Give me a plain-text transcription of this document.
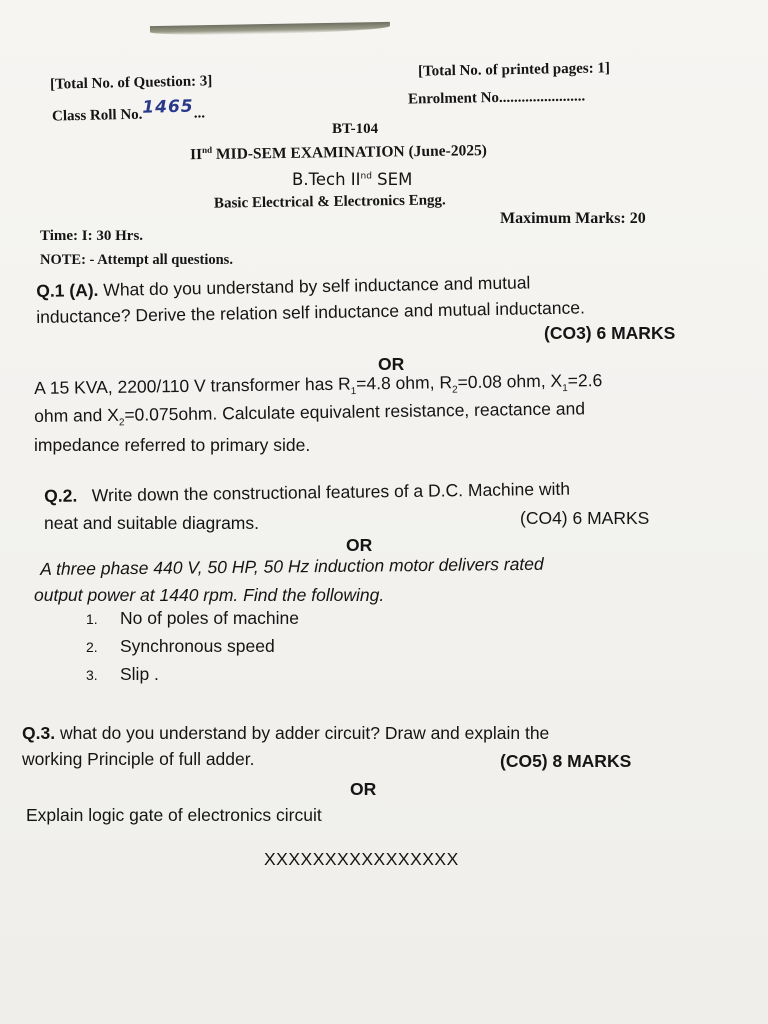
[Total No. of Question: 3]
[Total No. of printed pages: 1]
Class Roll No.1465...
Enrolment No.......................
BT-104
IInd MID-SEM EXAMINATION (June-2025)
B.Tech IInd SEM
Basic Electrical & Electronics Engg.
Time: I: 30 Hrs.
Maximum Marks: 20
NOTE: - Attempt all questions.
Q.1 (A). What do you understand by self inductance and mutual
inductance? Derive the relation self inductance and mutual inductance.
(CO3) 6 MARKS
OR
A 15 KVA, 2200/110 V transformer has $R_1=4.8$ ohm, $R_2=0.08$ ohm, $X_1=2.6$
ohm and $X_2=0.075ohm$. Calculate equivalent resistance, reactance and
impedance referred to primary side.
Q.2. Write down the constructional features of a D.C. Machine with
neat and suitable diagrams.	(CO4) 6 MARKS
OR
A three phase 440 V, 50 HP, 50 Hz induction motor delivers rated
output power at 1440 rpm. Find the following.
1. No of poles of machine
2. Synchronous speed
3. Slip .
Q.3. what do you understand by adder circuit? Draw and explain the
working Principle of full adder.	(CO5) 8 MARKS
OR
Explain logic gate of electronics circuit
XXXXXXXXXXXXXXXX
